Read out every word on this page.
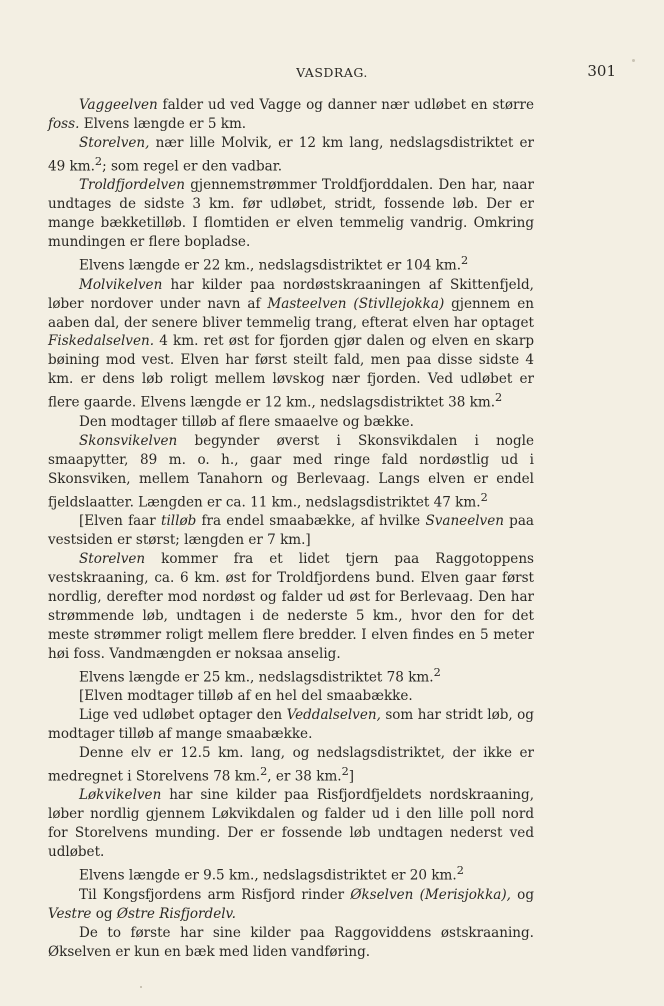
VASDRAG.	301

Vaggeelven falder ud ved Vagge og danner nær udløbet en større foss. Elvens længde er 5 km.

Storelven, nær lille Molvik, er 12 km lang, nedslagsdistriktet er 49 km.$^2$; som regel er den vadbar.

Troldfjordelven gjennemstrømmer Troldfjorddalen. Den har, naar undtages de sidste 3 km. før udløbet, stridt, fossende løb. Der er mange bækketilløb. I flomtiden er elven temmelig vandrig. Omkring mundingen er flere bopladse.

Elvens længde er 22 km., nedslagsdistriktet er 104 km.$^2$

Molvikelven har kilder paa nordøstskraaningen af Skittenfjeld, løber nordover under navn af Masteelven (Stivllejokka) gjennem en aaben dal, der senere bliver temmelig trang, efterat elven har optaget Fiskedalselven. 4 km. ret øst for fjorden gjør dalen og elven en skarp bøining mod vest. Elven har først steilt fald, men paa disse sidste 4 km. er dens løb roligt mellem løvskog nær fjorden. Ved udløbet er flere gaarde. Elvens længde er 12 km., nedslagsdistriktet 38 km.$^2$

Den modtager tilløb af flere smaaelve og bække.

Skonsvikelven begynder øverst i Skonsvikdalen i nogle smaapytter, 89 m. o. h., gaar med ringe fald nordøstlig ud i Skonsviken, mellem Tanahorn og Berlevaag. Langs elven er endel fjeldslaatter. Længden er ca. 11 km., nedslagsdistriktet 47 km.$^2$

[Elven faar tilløb fra endel smaabække, af hvilke Svaneelven paa vestsiden er størst; længden er 7 km.]

Storelven kommer fra et lidet tjern paa Raggotoppens vestskraaning, ca. 6 km. øst for Troldfjordens bund. Elven gaar først nordlig, derefter mod nordøst og falder ud øst for Berlevaag. Den har strømmende løb, undtagen i de nederste 5 km., hvor den for det meste strømmer roligt mellem flere bredder. I elven findes en 5 meter høi foss. Vandmængden er noksaa anselig.

Elvens længde er 25 km., nedslagsdistriktet 78 km.$^2$

[Elven modtager tilløb af en hel del smaabække.

Lige ved udløbet optager den Veddalselven, som har stridt løb, og modtager tilløb af mange smaabække.

Denne elv er 12.5 km. lang, og nedslagsdistriktet, der ikke er medregnet i Storelvens 78 km.$^2$, er 38 km.$^2$]

Løkvikelven har sine kilder paa Risfjordfjeldets nordskraaning, løber nordlig gjennem Løkvikdalen og falder ud i den lille poll nord for Storelvens munding. Der er fossende løb undtagen nederst ved udløbet.

Elvens længde er 9.5 km., nedslagsdistriktet er 20 km.$^2$

Til Kongsfjordens arm Risfjord rinder Økselven (Merisjokka), og Vestre og Østre Risfjordelv.

De to første har sine kilder paa Raggoviddens østskraaning. Økselven er kun en bæk med liden vandføring.
